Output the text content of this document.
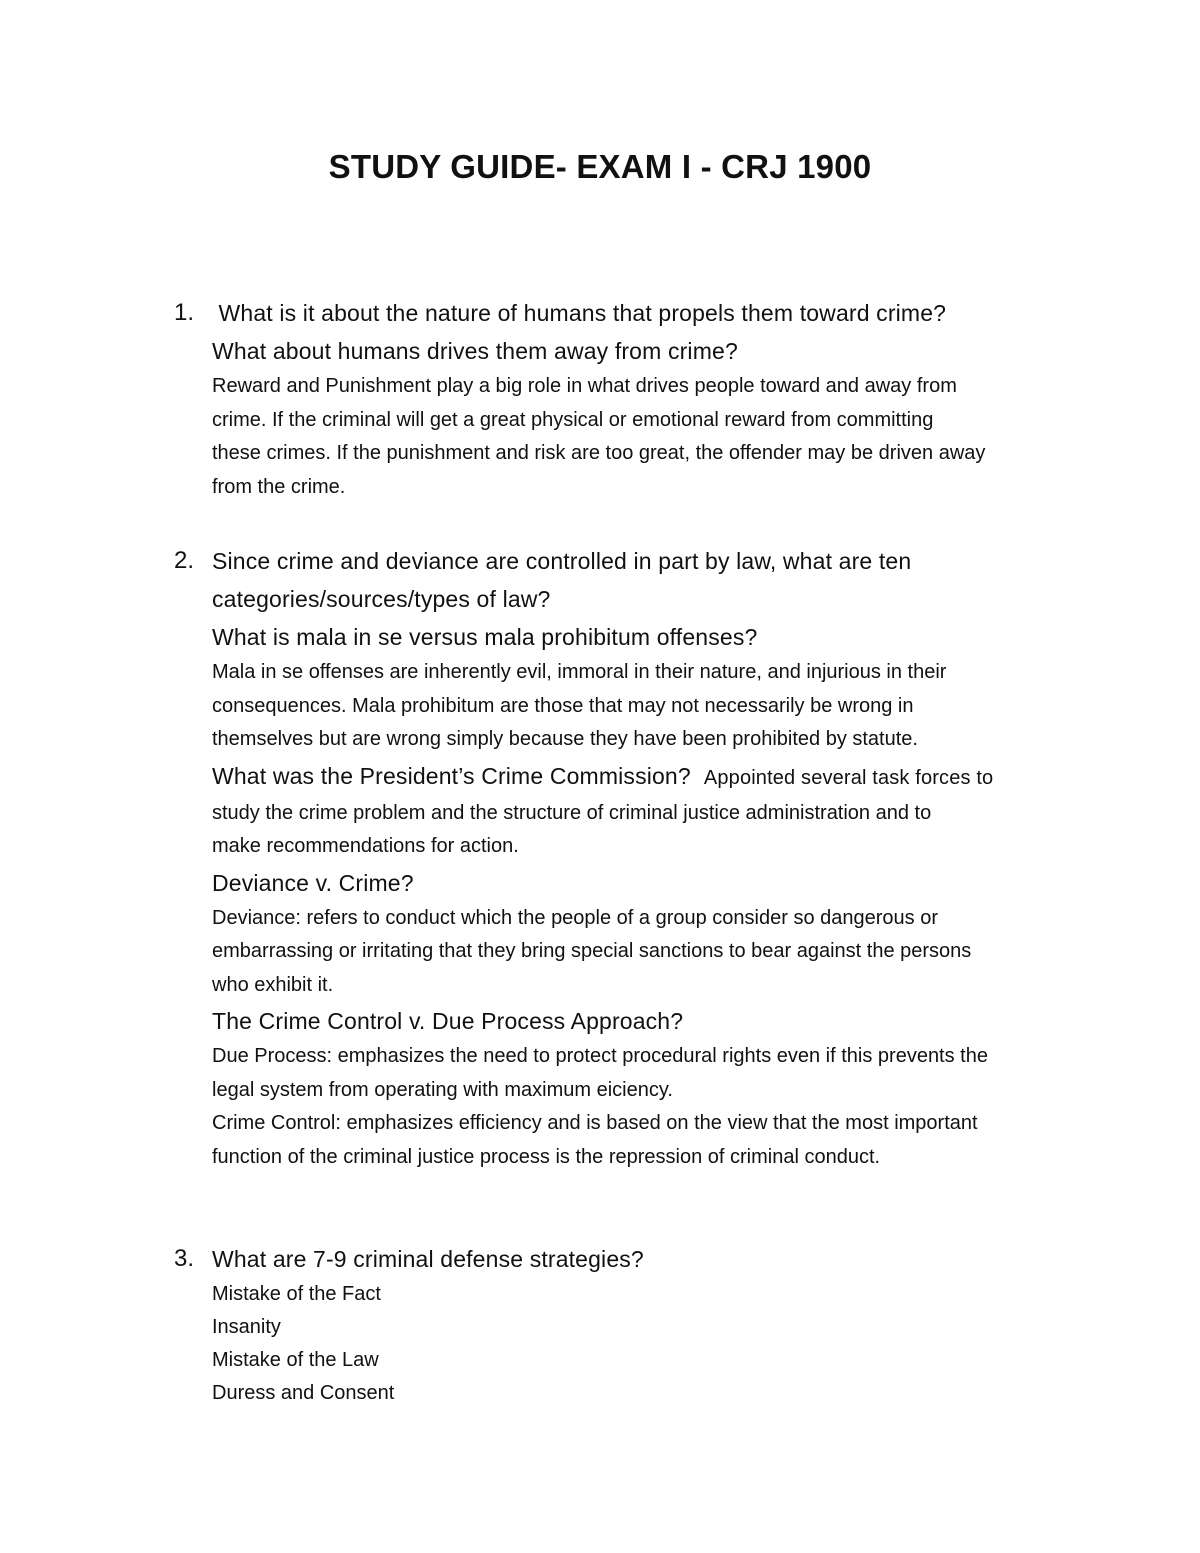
STUDY GUIDE- EXAM I - CRJ 1900
1. What is it about the nature of humans that propels them toward crime?
What about humans drives them away from crime?
Reward and Punishment play a big role in what drives people toward and away from
crime. If the criminal will get a great physical or emotional reward from committing
these crimes. If the punishment and risk are too great, the offender may be driven away
from the crime.
2. Since crime and deviance are controlled in part by law, what are ten
categories/sources/types of law?
What is mala in se versus mala prohibitum offenses?
Mala in se offenses are inherently evil, immoral in their nature, and injurious in their
consequences. Mala prohibitum are those that may not necessarily be wrong in
themselves but are wrong simply because they have been prohibited by statute.
What was the President’s Crime Commission? Appointed several task forces to
study the crime problem and the structure of criminal justice administration and to
make recommendations for action.
Deviance v. Crime?
Deviance: refers to conduct which the people of a group consider so dangerous or
embarrassing or irritating that they bring special sanctions to bear against the persons
who exhibit it.
The Crime Control v. Due Process Approach?
Due Process: emphasizes the need to protect procedural rights even if this prevents the
legal system from operating with maximum eiciency.
Crime Control: emphasizes efficiency and is based on the view that the most important
function of the criminal justice process is the repression of criminal conduct.
3. What are 7-9 criminal defense strategies?
Mistake of the Fact
Insanity
Mistake of the Law
Duress and Consent
